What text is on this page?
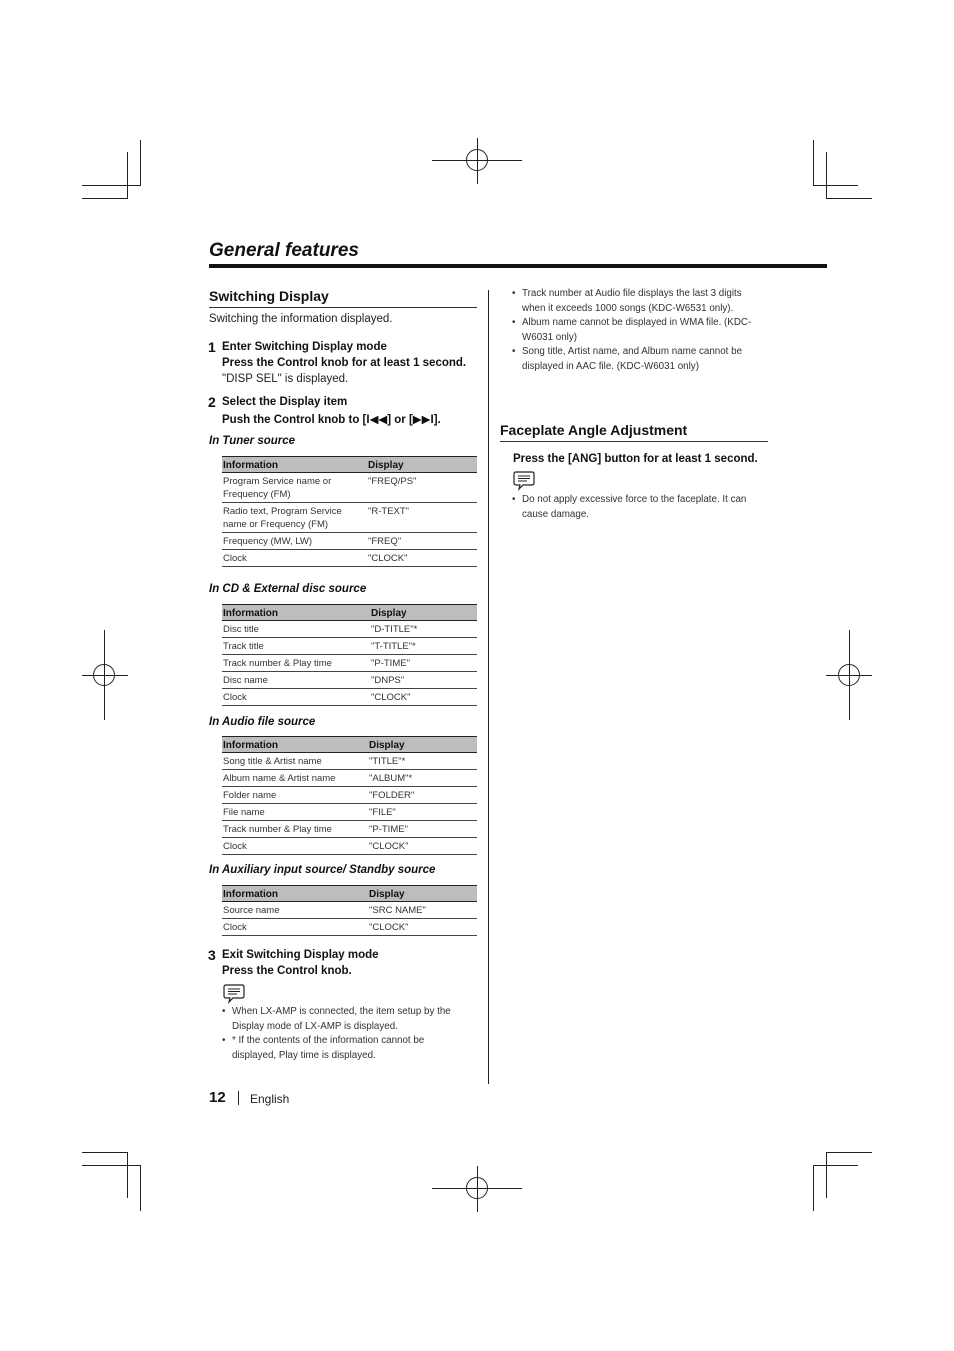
General features
Switching Display
Switching the information displayed.
1 Enter Switching Display mode
Press the Control knob for at least 1 second.
"DISP SEL" is displayed.
2 Select the Display item
Push the Control knob to [I◀◀] or [▶▶I].
In Tuner source
Information	Display
Program Service name or Frequency (FM)	"FREQ/PS"
Radio text, Program Service name or Frequency (FM)	"R-TEXT"
Frequency (MW, LW)	"FREQ"
Clock	"CLOCK"
In CD & External disc source
Information	Display
Disc title	"D-TITLE"*
Track title	"T-TITLE"*
Track number & Play time	"P-TIME"
Disc name	"DNPS"
Clock	"CLOCK"
In Audio file source
Information	Display
Song title & Artist name	"TITLE"*
Album name & Artist name	"ALBUM"*
Folder name	"FOLDER"
File name	"FILE"
Track number & Play time	"P-TIME"
Clock	"CLOCK"
In Auxiliary input source/ Standby source
Information	Display
Source name	"SRC NAME"
Clock	"CLOCK"
3 Exit Switching Display mode
Press the Control knob.
• When LX-AMP is connected, the item setup by the Display mode of LX-AMP is displayed.
• * If the contents of the information cannot be displayed, Play time is displayed.
12 English
• Track number at Audio file displays the last 3 digits when it exceeds 1000 songs (KDC-W6531 only).
• Album name cannot be displayed in WMA file. (KDC-W6031 only)
• Song title, Artist name, and Album name cannot be displayed in AAC file. (KDC-W6031 only)
Faceplate Angle Adjustment
Press the [ANG] button for at least 1 second.
• Do not apply excessive force to the faceplate. It can cause damage.
